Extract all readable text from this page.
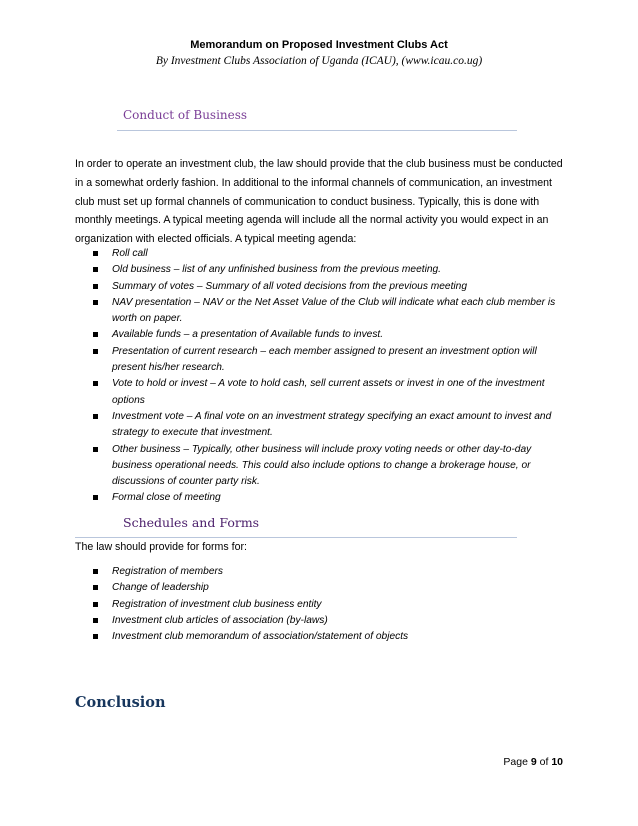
Memorandum on Proposed Investment Clubs Act
By Investment Clubs Association of Uganda (ICAU), (www.icau.co.ug)
Conduct of Business

In order to operate an investment club, the law should provide that the club business must be conducted in a somewhat orderly fashion. In additional to the informal channels of communication, an investment club must set up formal channels of communication to conduct business. Typically, this is done with monthly meetings. A typical meeting agenda will include all the normal activity you would expect in an organization with elected officials. A typical meeting agenda:

Roll call
Old business – list of any unfinished business from the previous meeting.
Summary of votes – Summary of all voted decisions from the previous meeting
NAV presentation – NAV or the Net Asset Value of the Club will indicate what each club member is worth on paper.
Available funds – a presentation of Available funds to invest.
Presentation of current research – each member assigned to present an investment option will present his/her research.
Vote to hold or invest – A vote to hold cash, sell current assets or invest in one of the investment options
Investment vote – A final vote on an investment strategy specifying an exact amount to invest and strategy to execute that investment.
Other business – Typically, other business will include proxy voting needs or other day-to-day business operational needs. This could also include options to change a brokerage house, or discussions of counter party risk.
Formal close of meeting
Schedules and Forms

The law should provide for forms for:

Registration of members
Change of leadership
Registration of investment club business entity
Investment club articles of association (by-laws)
Investment club memorandum of association/statement of objects
Conclusion
Page 9 of 10
